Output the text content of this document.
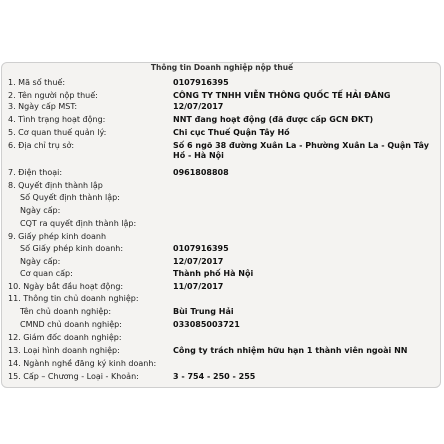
Thông tin Doanh nghiệp nộp thuế
1. Mã số thuế:	0107916395
2. Tên người nộp thuế:	CÔNG TY TNHH VIỄN THÔNG QUỐC TẾ HẢI ĐĂNG
3. Ngày cấp MST:	12/07/2017
4. Tình trạng hoạt động:	NNT đang hoạt động (đã được cấp GCN ĐKT)
5. Cơ quan thuế quản lý:	Chi cục Thuế Quận Tây Hồ
6. Địa chỉ trụ sở:	Số 6 ngõ 38 đường Xuân La - Phường Xuân La - Quận Tây Hồ - Hà Nội
7. Điện thoại:	0961808808
8. Quyết định thành lập
Số Quyết định thành lập:
Ngày cấp:
CQT ra quyết định thành lập:
9. Giấy phép kinh doanh
Số Giấy phép kinh doanh:	0107916395
Ngày cấp:	12/07/2017
Cơ quan cấp:	Thành phố Hà Nội
10. Ngày bắt đầu hoạt động:	11/07/2017
11. Thông tin chủ doanh nghiệp:
Tên chủ doanh nghiệp:	Bùi Trung Hải
CMND chủ doanh nghiệp:	033085003721
12. Giám đốc doanh nghiệp:
13. Loại hình doanh nghiệp:	Công ty trách nhiệm hữu hạn 1 thành viên ngoài NN
14. Ngành nghề đăng ký kinh doanh:
15. Cấp – Chương - Loại - Khoản:	3 - 754 - 250 - 255
